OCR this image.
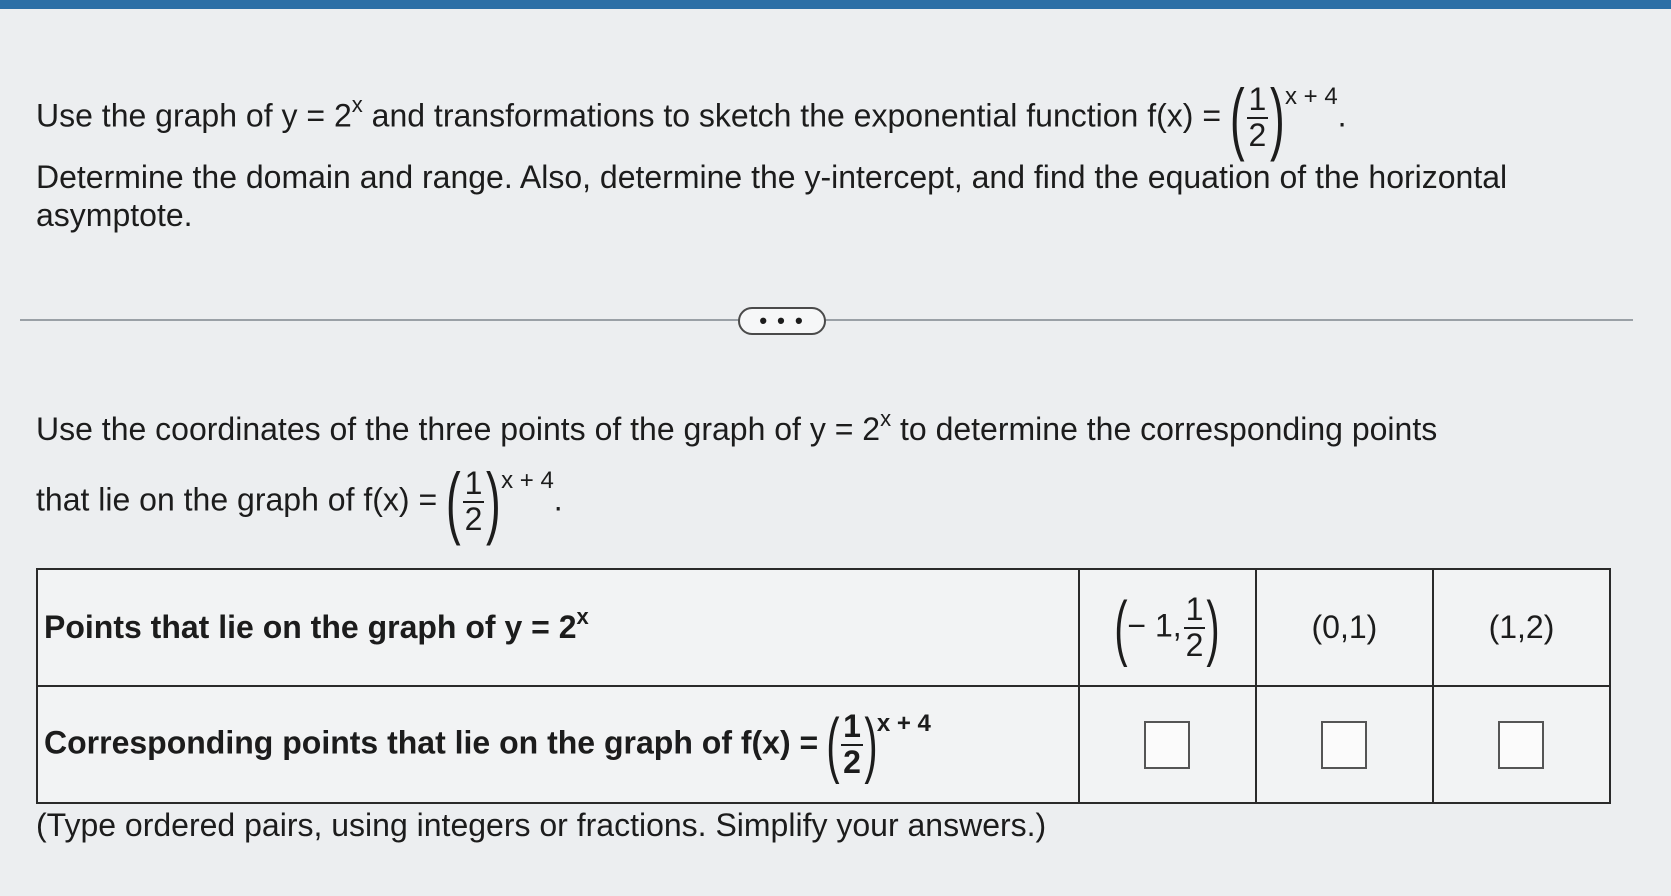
Use the graph of $y = 2^x$ and transformations to sketch the exponential function f(x) = ( $\frac{1}{2} )^{x + 4}$.
Determine the domain and range. Also, determine the y-intercept, and find the equation of the horizontal asymptote.
• • •
Use the coordinates of the three points of the graph of $y = 2^x$ to determine the corresponding points
that lie on the graph of f(x) = ( $\frac{1}{2} )^{x + 4}$.
Points that lie on the graph of $y = 2^x$	(− 1, $\frac{1}{2}$ )	(0,1)	(1,2)
Corresponding points that lie on the graph of f(x) = ( $\frac{1}{2} )^{x + 4}$			
(Type ordered pairs, using integers or fractions. Simplify your answers.)
